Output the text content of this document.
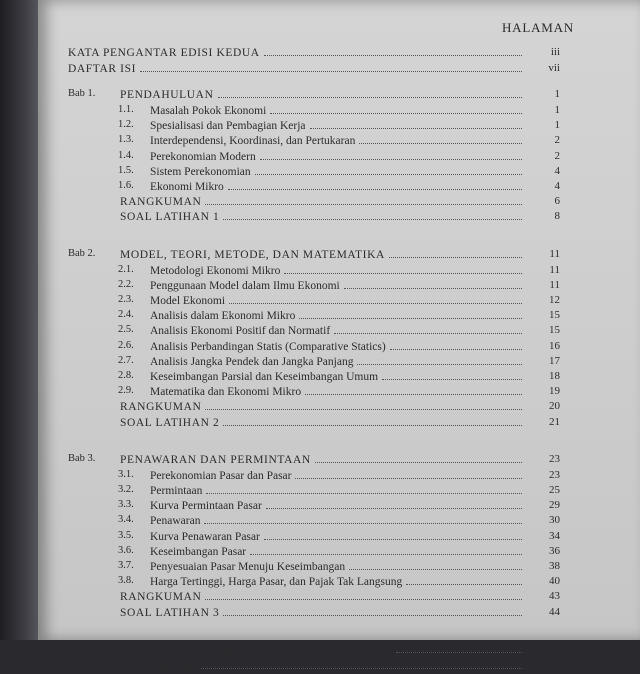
HALAMAN
KATA PENGANTAR EDISI KEDUA	iii
DAFTAR ISI	vii
Bab 1.	PENDAHULUAN	1
1.1.	Masalah Pokok Ekonomi	1
1.2.	Spesialisasi dan Pembagian Kerja	1
1.3.	Interdependensi, Koordinasi, dan Pertukaran	2
1.4.	Perekonomian Modern	2
1.5.	Sistem Perekonomian	4
1.6.	Ekonomi Mikro	4
RANGKUMAN	6
SOAL LATIHAN 1	8
Bab 2.	MODEL, TEORI, METODE, DAN MATEMATIKA	11
2.1.	Metodologi Ekonomi Mikro	11
2.2.	Penggunaan Model dalam Ilmu Ekonomi	11
2.3.	Model Ekonomi	12
2.4.	Analisis dalam Ekonomi Mikro	15
2.5.	Analisis Ekonomi Positif dan Normatif	15
2.6.	Analisis Perbandingan Statis (Comparative Statics)	16
2.7.	Analisis Jangka Pendek dan Jangka Panjang	17
2.8.	Keseimbangan Parsial dan Keseimbangan Umum	18
2.9.	Matematika dan Ekonomi Mikro	19
RANGKUMAN	20
SOAL LATIHAN 2	21
Bab 3.	PENAWARAN DAN PERMINTAAN	23
3.1.	Perekonomian Pasar dan Pasar	23
3.2.	Permintaan	25
3.3.	Kurva Permintaan Pasar	29
3.4.	Penawaran	30
3.5.	Kurva Penawaran Pasar	34
3.6.	Keseimbangan Pasar	36
3.7.	Penyesuaian Pasar Menuju Keseimbangan	38
3.8.	Harga Tertinggi, Harga Pasar, dan Pajak Tak Langsung	40
RANGKUMAN	43
SOAL LATIHAN 3	44
Bab 4.	ELASTISITAS PERMINTAAN DAN PENAWARAN	47
4.1.	Elastisitas	47
